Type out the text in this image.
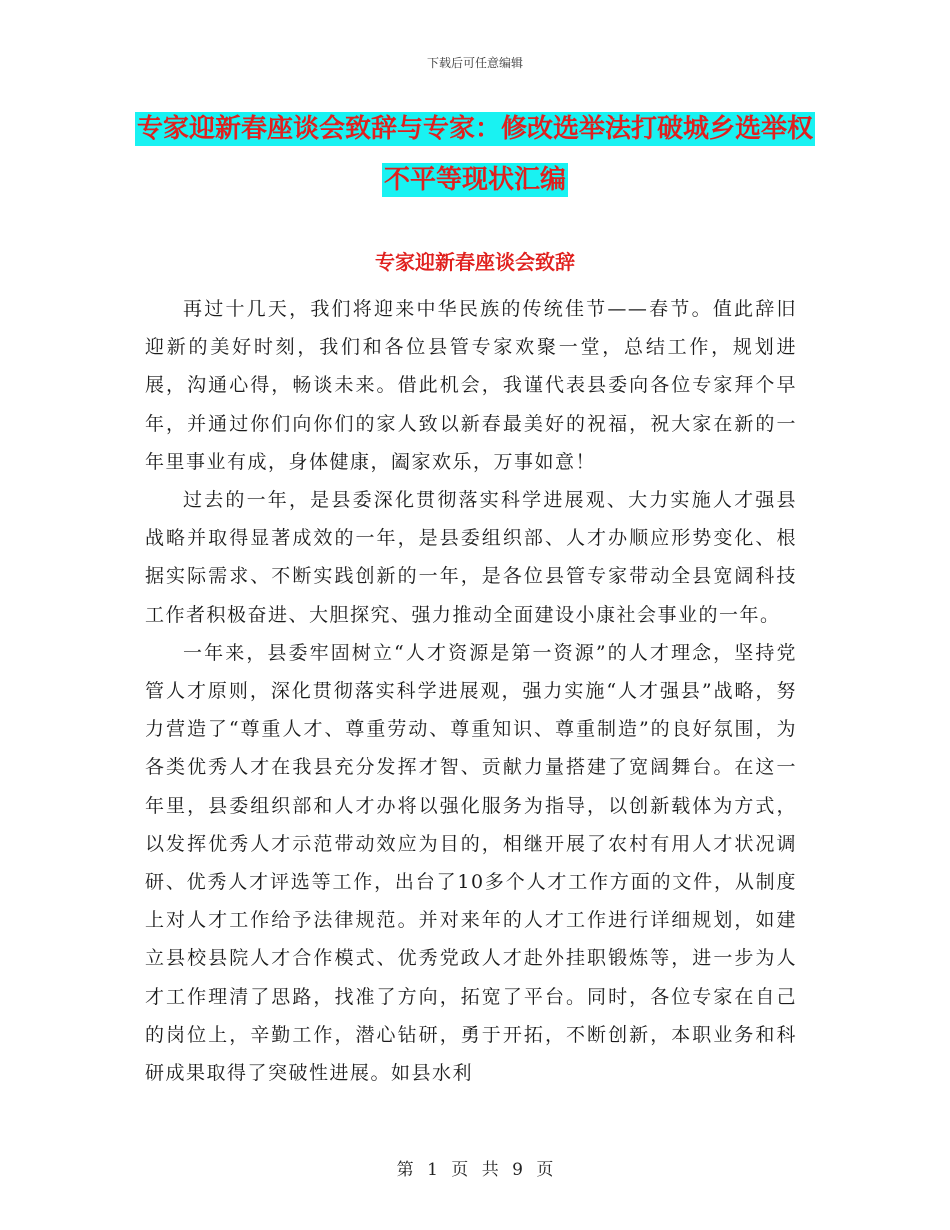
下载后可任意编辑
专家迎新春座谈会致辞与专家：修改选举法打破城乡选举权不平等现状汇编
专家迎新春座谈会致辞

再过十几天，我们将迎来中华民族的传统佳节——春节。值此辞旧迎新的美好时刻，我们和各位县管专家欢聚一堂，总结工作，规划进展，沟通心得，畅谈未来。借此机会，我谨代表县委向各位专家拜个早年，并通过你们向你们的家人致以新春最美好的祝福，祝大家在新的一年里事业有成，身体健康，阖家欢乐，万事如意！

过去的一年，是县委深化贯彻落实科学进展观、大力实施人才强县战略并取得显著成效的一年，是县委组织部、人才办顺应形势变化、根据实际需求、不断实践创新的一年，是各位县管专家带动全县宽阔科技工作者积极奋进、大胆探究、强力推动全面建设小康社会事业的一年。

一年来，县委牢固树立“人才资源是第一资源”的人才理念，坚持党管人才原则，深化贯彻落实科学进展观，强力实施“人才强县”战略，努力营造了“尊重人才、尊重劳动、尊重知识、尊重制造”的良好氛围，为各类优秀人才在我县充分发挥才智、贡献力量搭建了宽阔舞台。在这一年里，县委组织部和人才办将以强化服务为指导，以创新载体为方式，以发挥优秀人才示范带动效应为目的，相继开展了农村有用人才状况调研、优秀人才评选等工作，出台了10多个人才工作方面的文件，从制度上对人才工作给予法律规范。并对来年的人才工作进行详细规划，如建立县校县院人才合作模式、优秀党政人才赴外挂职锻炼等，进一步为人才工作理清了思路，找准了方向，拓宽了平台。同时，各位专家在自己的岗位上，辛勤工作，潜心钻研，勇于开拓，不断创新，本职业务和科研成果取得了突破性进展。如县水利

第 1 页 共 9 页
